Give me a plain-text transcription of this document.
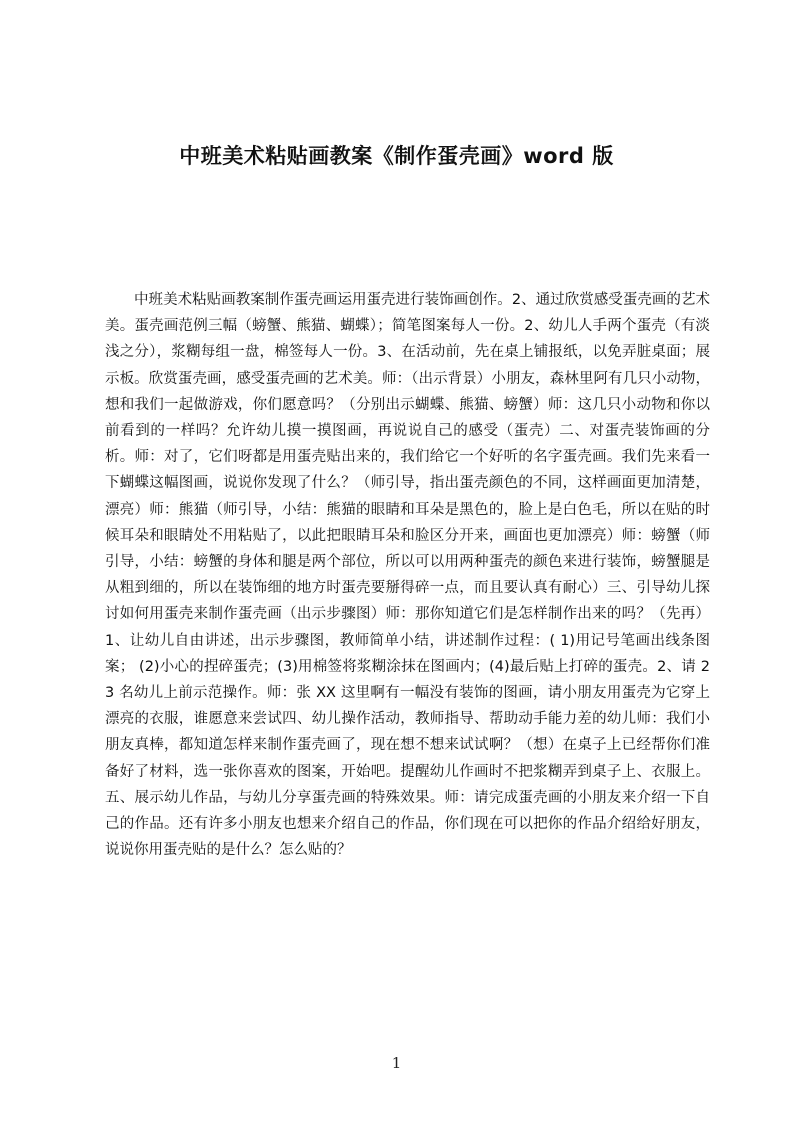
中班美术粘贴画教案《制作蛋壳画》word 版
中班美术粘贴画教案制作蛋壳画运用蛋壳进行装饰画创作。2、通过欣赏感受蛋壳画的艺术美。蛋壳画范例三幅（螃蟹、熊猫、蝴蝶）；简笔图案每人一份。2、幼儿人手两个蛋壳（有淡浅之分），浆糊每组一盘，棉签每人一份。3、在活动前，先在桌上铺报纸，以免弄脏桌面；展示板。欣赏蛋壳画，感受蛋壳画的艺术美。师：（出示背景）小朋友，森林里阿有几只小动物，想和我们一起做游戏，你们愿意吗？（分别出示蝴蝶、熊猫、螃蟹）师：这几只小动物和你以前看到的一样吗？允许幼儿摸一摸图画，再说说自己的感受（蛋壳）二、对蛋壳装饰画的分析。师：对了，它们呀都是用蛋壳贴出来的，我们给它一个好听的名字蛋壳画。我们先来看一下蝴蝶这幅图画，说说你发现了什么？（师引导，指出蛋壳颜色的不同，这样画面更加清楚，漂亮）师：熊猫（师引导，小结：熊猫的眼睛和耳朵是黑色的，脸上是白色毛，所以在贴的时候耳朵和眼睛处不用粘贴了，以此把眼睛耳朵和脸区分开来，画面也更加漂亮）师：螃蟹（师引导，小结：螃蟹的身体和腿是两个部位，所以可以用两种蛋壳的颜色来进行装饰，螃蟹腿是从粗到细的，所以在装饰细的地方时蛋壳要掰得碎一点，而且要认真有耐心）三、引导幼儿探讨如何用蛋壳来制作蛋壳画（出示步骤图）师：那你知道它们是怎样制作出来的吗？（先再）1、让幼儿自由讲述，出示步骤图，教师简单小结，讲述制作过程：( 1)用记号笔画出线条图案； (2)小心的捏碎蛋壳；(3)用棉签将浆糊涂抹在图画内；(4)最后贴上打碎的蛋壳。2、请 23 名幼儿上前示范操作。师：张 XX 这里啊有一幅没有装饰的图画，请小朋友用蛋壳为它穿上漂亮的衣服，谁愿意来尝试四、幼儿操作活动，教师指导、帮助动手能力差的幼儿师：我们小朋友真棒，都知道怎样来制作蛋壳画了，现在想不想来试试啊？（想）在桌子上已经帮你们准备好了材料，选一张你喜欢的图案，开始吧。提醒幼儿作画时不把浆糊弄到桌子上、衣服上。五、展示幼儿作品，与幼儿分享蛋壳画的特殊效果。师：请完成蛋壳画的小朋友来介绍一下自己的作品。还有许多小朋友也想来介绍自己的作品，你们现在可以把你的作品介绍给好朋友，说说你用蛋壳贴的是什么？怎么贴的？
1
